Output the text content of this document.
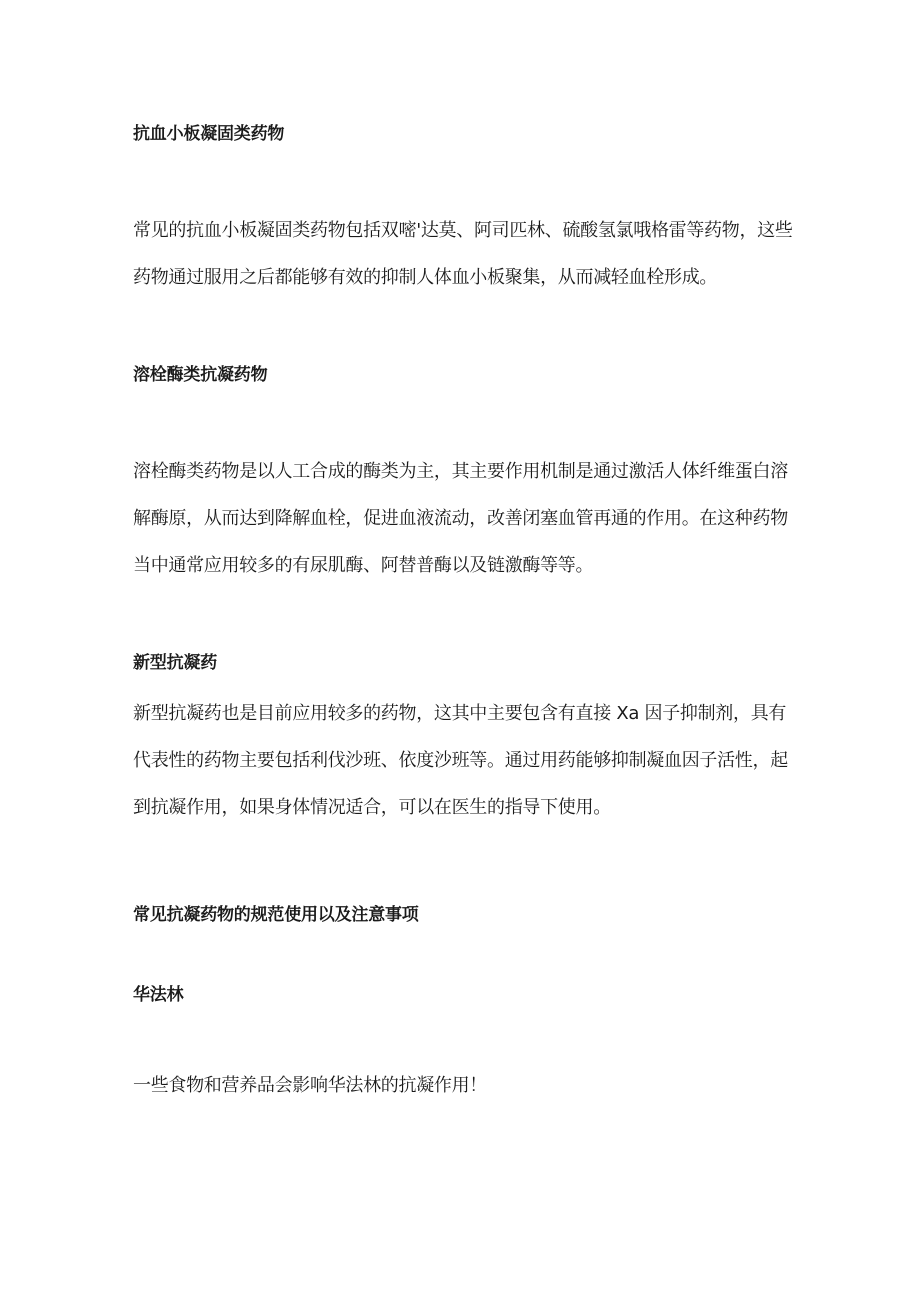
抗血小板凝固类药物

常见的抗血小板凝固类药物包括双嘧'达莫、阿司匹林、硫酸氢氯哦格雷等药物，这些药物通过服用之后都能够有效的抑制人体血小板聚集，从而减轻血栓形成。

溶栓酶类抗凝药物

溶栓酶类药物是以人工合成的酶类为主，其主要作用机制是通过激活人体纤维蛋白溶解酶原，从而达到降解血栓，促进血液流动，改善闭塞血管再通的作用。在这种药物当中通常应用较多的有尿肌酶、阿替普酶以及链激酶等等。

新型抗凝药

新型抗凝药也是目前应用较多的药物，这其中主要包含有直接 Xa 因子抑制剂，具有代表性的药物主要包括利伐沙班、依度沙班等。通过用药能够抑制凝血因子活性，起到抗凝作用，如果身体情况适合，可以在医生的指导下使用。

常见抗凝药物的规范使用以及注意事项
华法林

一些食物和营养品会影响华法林的抗凝作用！
